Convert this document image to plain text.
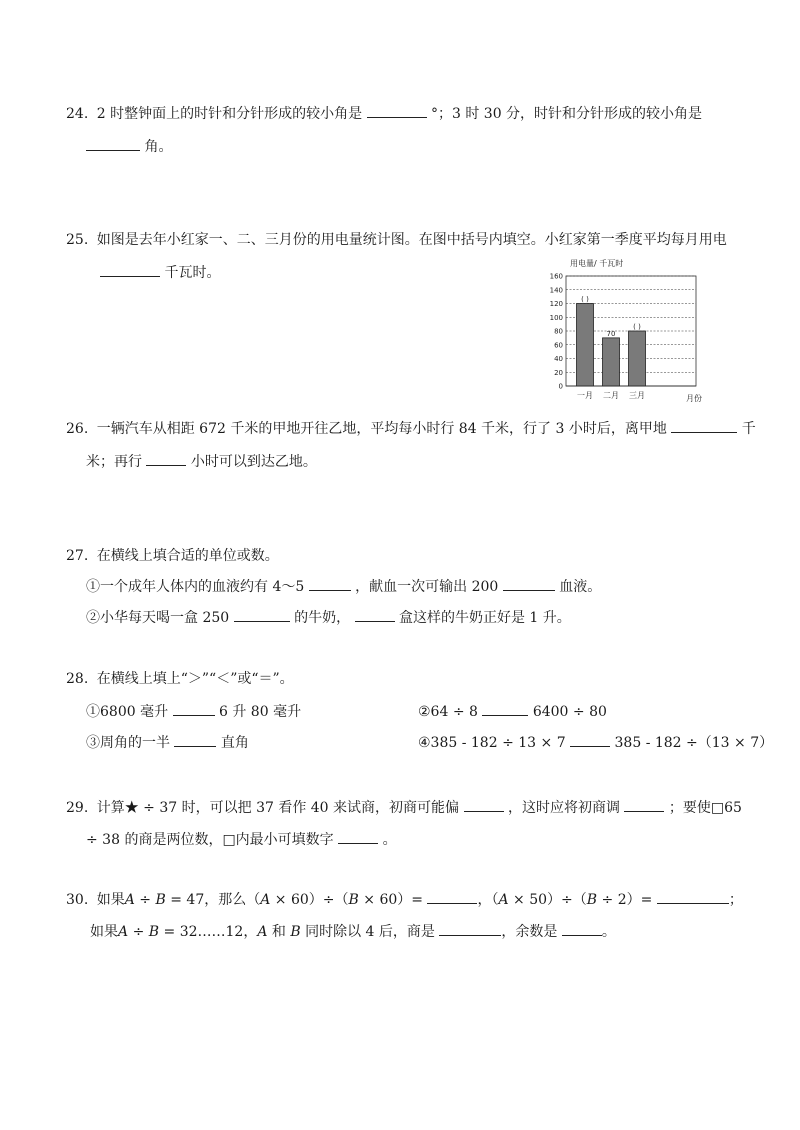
24. 2 时整钟面上的时针和分针形成的较小角是	°；3 时 30 分，时针和分针形成的较小角是
角。
25. 如图是去年小红家一、二、三月份的用电量统计图。在图中括号内填空。小红家第一季度平均每月用电
千瓦时。
用电量/ 千瓦时
( )
70
( )
0
20
40
60
80
100
120
140
160
一月 二月 三月	月份
26. 一辆汽车从相距 672 千米的甲地开往乙地，平均每小时行 84 千米，行了 3 小时后，离甲地	千
米；再行	小时可以到达乙地。
27. 在横线上填合适的单位或数。
①一个成年人体内的血液约有 4～5	，献血一次可输出 200	血液。
②小华每天喝一盒 250	的牛奶，	盒这样的牛奶正好是 1 升。
28. 在横线上填上“＞”“＜”或“＝”。
①6800 毫升	6 升 80 毫升	②64 ÷ 8	6400 ÷ 80
③周角的一半	直角	④385 - 182 ÷ 13 × 7	385 - 182 ÷（13 × 7）
29. 计算★ ÷ 37 时，可以把 37 看作 40 来试商，初商可能偏	，这时应将初商调	；要使□65
÷ 38 的商是两位数，□内最小可填数字	。
30. 如果A ÷ B = 47，那么（A × 60）÷（B × 60）=	，（A × 50）÷（B ÷ 2）=	；
如果A ÷ B = 32……12，A 和 B 同时除以 4 后，商是	，余数是	。
